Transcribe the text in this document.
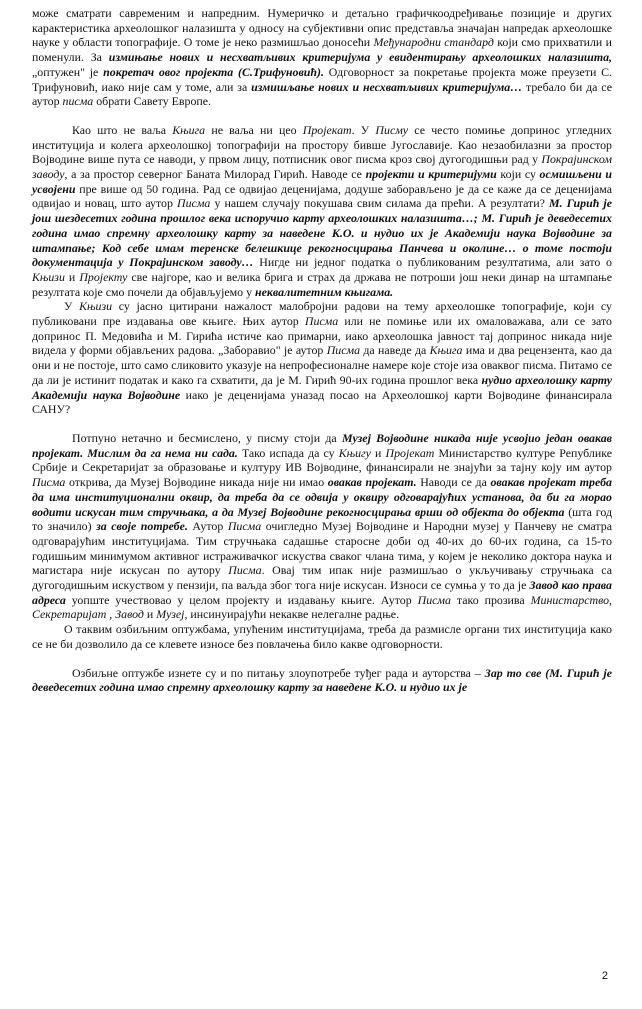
може сматрати савременим и напредним. Нумеричко и детаљно графичкоодређивање позиције и других карактеристика археолошког налазишта у односу на субјективни опис представља значајан напредак археолошке науке у области топографије. О томе је неко размишљао доносећи Међународни стандард који смо прихватили и поменули. За измињање нових и несхватљивих критеријума у евидентирању археолошких налазишта, „оптужен" је покретач овог пројекта (С.Трифуновић). Одговорност за покретање пројекта може преузети С. Трифуновић, иако није сам у томе, али за измишљање нових и несхватљивих критеријума… требало би да се аутор писма обрати Савету Европе.

Као што не ваља Књига не ваља ни цео Пројекат. У Писму се често помиње допринос угледних институција и колега археолошкој топографији на простору бивше Југославије. Као незаобилазни за простор Војводине више пута се наводи, у првом лицу, потписник овог писма кроз свој дугогодишњи рад у Покрајинском заводу, а за простор северног Баната Милорад Гирић. Наводе се пројекти и критеријуми који су осмишљени и усвојени пре више од 50 година. Рад се одвијао деценијама, додуше заборављено је да се каже да се деценијама одвијао и новац, што аутор Писма у нашем случају покушава свим силама да прећи. А резултати? М. Гирић је још шездесетих година прошлог века испоручио карту археолошких налазишта…; М. Гирић је деведесетих година имао спремну археолошку карту за наведене К.О. и нудио их је Академији наука Војводине за штампање; Код себе имам теренске белешкице рекогносцирања Панчева и околине… о томе постоји документација у Покрајинском заводу… Нигде ни једног податка о публикованим резултатима, али зато о Књизи и Пројекту све најгоре, као и велика брига и страх да држава не потроши још неки динар на штампање резултата које смо почели да објављујемо у неквалитетним књигама.

У Књизи су јасно цитирани нажалост малобројни радови на тему археолошке топографије, који су публиковани пре издавања ове књиге. Њих аутор Писма или не помиње или их омаловажава, али се зато допринос П. Медовића и М. Гирића истиче као примарни, иако археолошка јавност тај допринос никада није видела у форми објављених радова. „Заборавио" је аутор Писма да наведе да Књига има и два рецензента, као да они и не постоје, што само сликовито указује на непрофесионалне намере које стоје иза оваквог писма. Питамо се да ли је истинит податак и како га схватити, да је М. Гирић 90-их година прошлог века нудио археолошку карту Академији наука Војводине иако је деценијама уназад посао на Археолошкој карти Војводине финансирала САНУ?

Потпуно нетачно и бесмислено, у писму стоји да Музеј Војводине никада није усвојио један овакав пројекат. Мислим да га нема ни сада. Тако испада да су Књигу и Пројекат Министарство културе Републике Србије и Секретаријат за образовање и културу ИВ Војводине, финансирали не знајући за тајну коју им аутор Писма открива, да Музеј Војводине никада није ни имао овакав пројекат. Наводи се да овакав пројекат треба да има институционални оквир, да треба да се одвија у оквиру одговарајућих установа, да би га морао водити искусан тим стручњака, а да Музеј Војводине рекогносцирања врши од објекта до објекта (шта год то значило) за своје потребе. Аутор Писма очигледно Музеј Војводине и Народни музеј у Панчеву не сматра одговарајућим институцијама. Тим стручњака садашње старосне доби од 40-их до 60-их година, са 15-то годишњим минимумом активног истраживачког искуства сваког члана тима, у којем је неколико доктора наука и магистара није искусан по аутору Писма. Овај тим ипак није размишљао о укључивању стручњака са дугогодишњим искуством у пензији, па ваљда због тога није искусан. Износи се сумња у то да је Завод као права адреса уопште учествовао у целом пројекту и издавању књиге. Аутор Писма тако прозива Министарство, Секретаријат , Завод и Музеј, инсинуирајући некакве нелегалне радње.

О таквим озбиљним оптужбама, упућеним институцијама, треба да размисле органи тих институција како се не би дозволило да се клевете износе без повлачења било какве одговорности.

Озбиљне оптужбе изнете су и по питању злоупотребе туђег рада и ауторства – Зар то све (М. Гирић је деведесетих година имао спремну археолошку карту за наведене К.О. и нудио их је

2
